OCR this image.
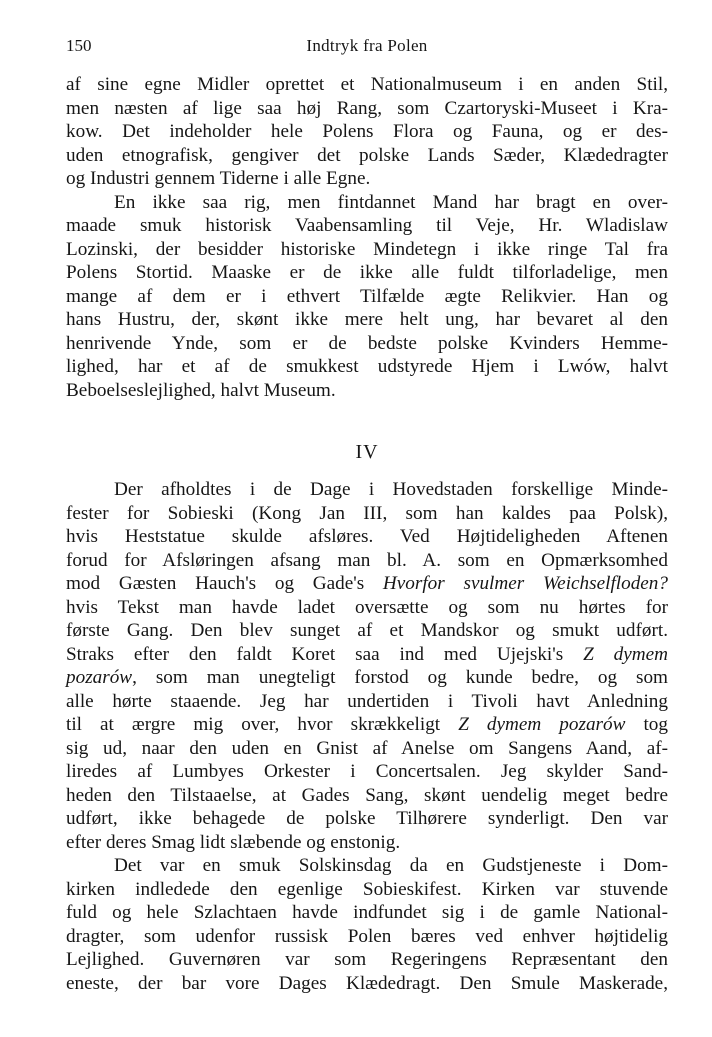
150	Indtryk fra Polen
af sine egne Midler oprettet et Nationalmuseum i en anden Stil,
men næsten af lige saa høj Rang, som Czartoryski-Museet i Kra-
kow. Det indeholder hele Polens Flora og Fauna, og er des-
uden etnografisk, gengiver det polske Lands Sæder, Klædedragter
og Industri gennem Tiderne i alle Egne.
En ikke saa rig, men fintdannet Mand har bragt en over-
maade smuk historisk Vaabensamling til Veje, Hr. Wladislaw
Lozinski, der besidder historiske Mindetegn i ikke ringe Tal fra
Polens Stortid. Maaske er de ikke alle fuldt tilforladelige, men
mange af dem er i ethvert Tilfælde ægte Relikvier. Han og
hans Hustru, der, skønt ikke mere helt ung, har bevaret al den
henrivende Ynde, som er de bedste polske Kvinders Hemme-
lighed, har et af de smukkest udstyrede Hjem i Lwów, halvt
Beboelseslejlighed, halvt Museum.
IV
Der afholdtes i de Dage i Hovedstaden forskellige Minde-
fester for Sobieski (Kong Jan III, som han kaldes paa Polsk),
hvis Heststatue skulde afsløres. Ved Højtideligheden Aftenen
forud for Afsløringen afsang man bl. A. som en Opmærksomhed
mod Gæsten Hauch's og Gade's Hvorfor svulmer Weichselfloden?
hvis Tekst man havde ladet oversætte og som nu hørtes for
første Gang. Den blev sunget af et Mandskor og smukt udført.
Straks efter den faldt Koret saa ind med Ujejski's Z dymem
pozarów, som man unegteligt forstod og kunde bedre, og som
alle hørte staaende. Jeg har undertiden i Tivoli havt Anledning
til at ærgre mig over, hvor skrækkeligt Z dymem pozarów tog
sig ud, naar den uden en Gnist af Anelse om Sangens Aand, af-
liredes af Lumbyes Orkester i Concertsalen. Jeg skylder Sand-
heden den Tilstaaelse, at Gades Sang, skønt uendelig meget bedre
udført, ikke behagede de polske Tilhørere synderligt. Den var
efter deres Smag lidt slæbende og enstonig.
Det var en smuk Solskinsdag da en Gudstjeneste i Dom-
kirken indledede den egenlige Sobieskifest. Kirken var stuvende
fuld og hele Szlachtaen havde indfundet sig i de gamle National-
dragter, som udenfor russisk Polen bæres ved enhver højtidelig
Lejlighed. Guvernøren var som Regeringens Repræsentant den
eneste, der bar vore Dages Klædedragt. Den Smule Maskerade,
